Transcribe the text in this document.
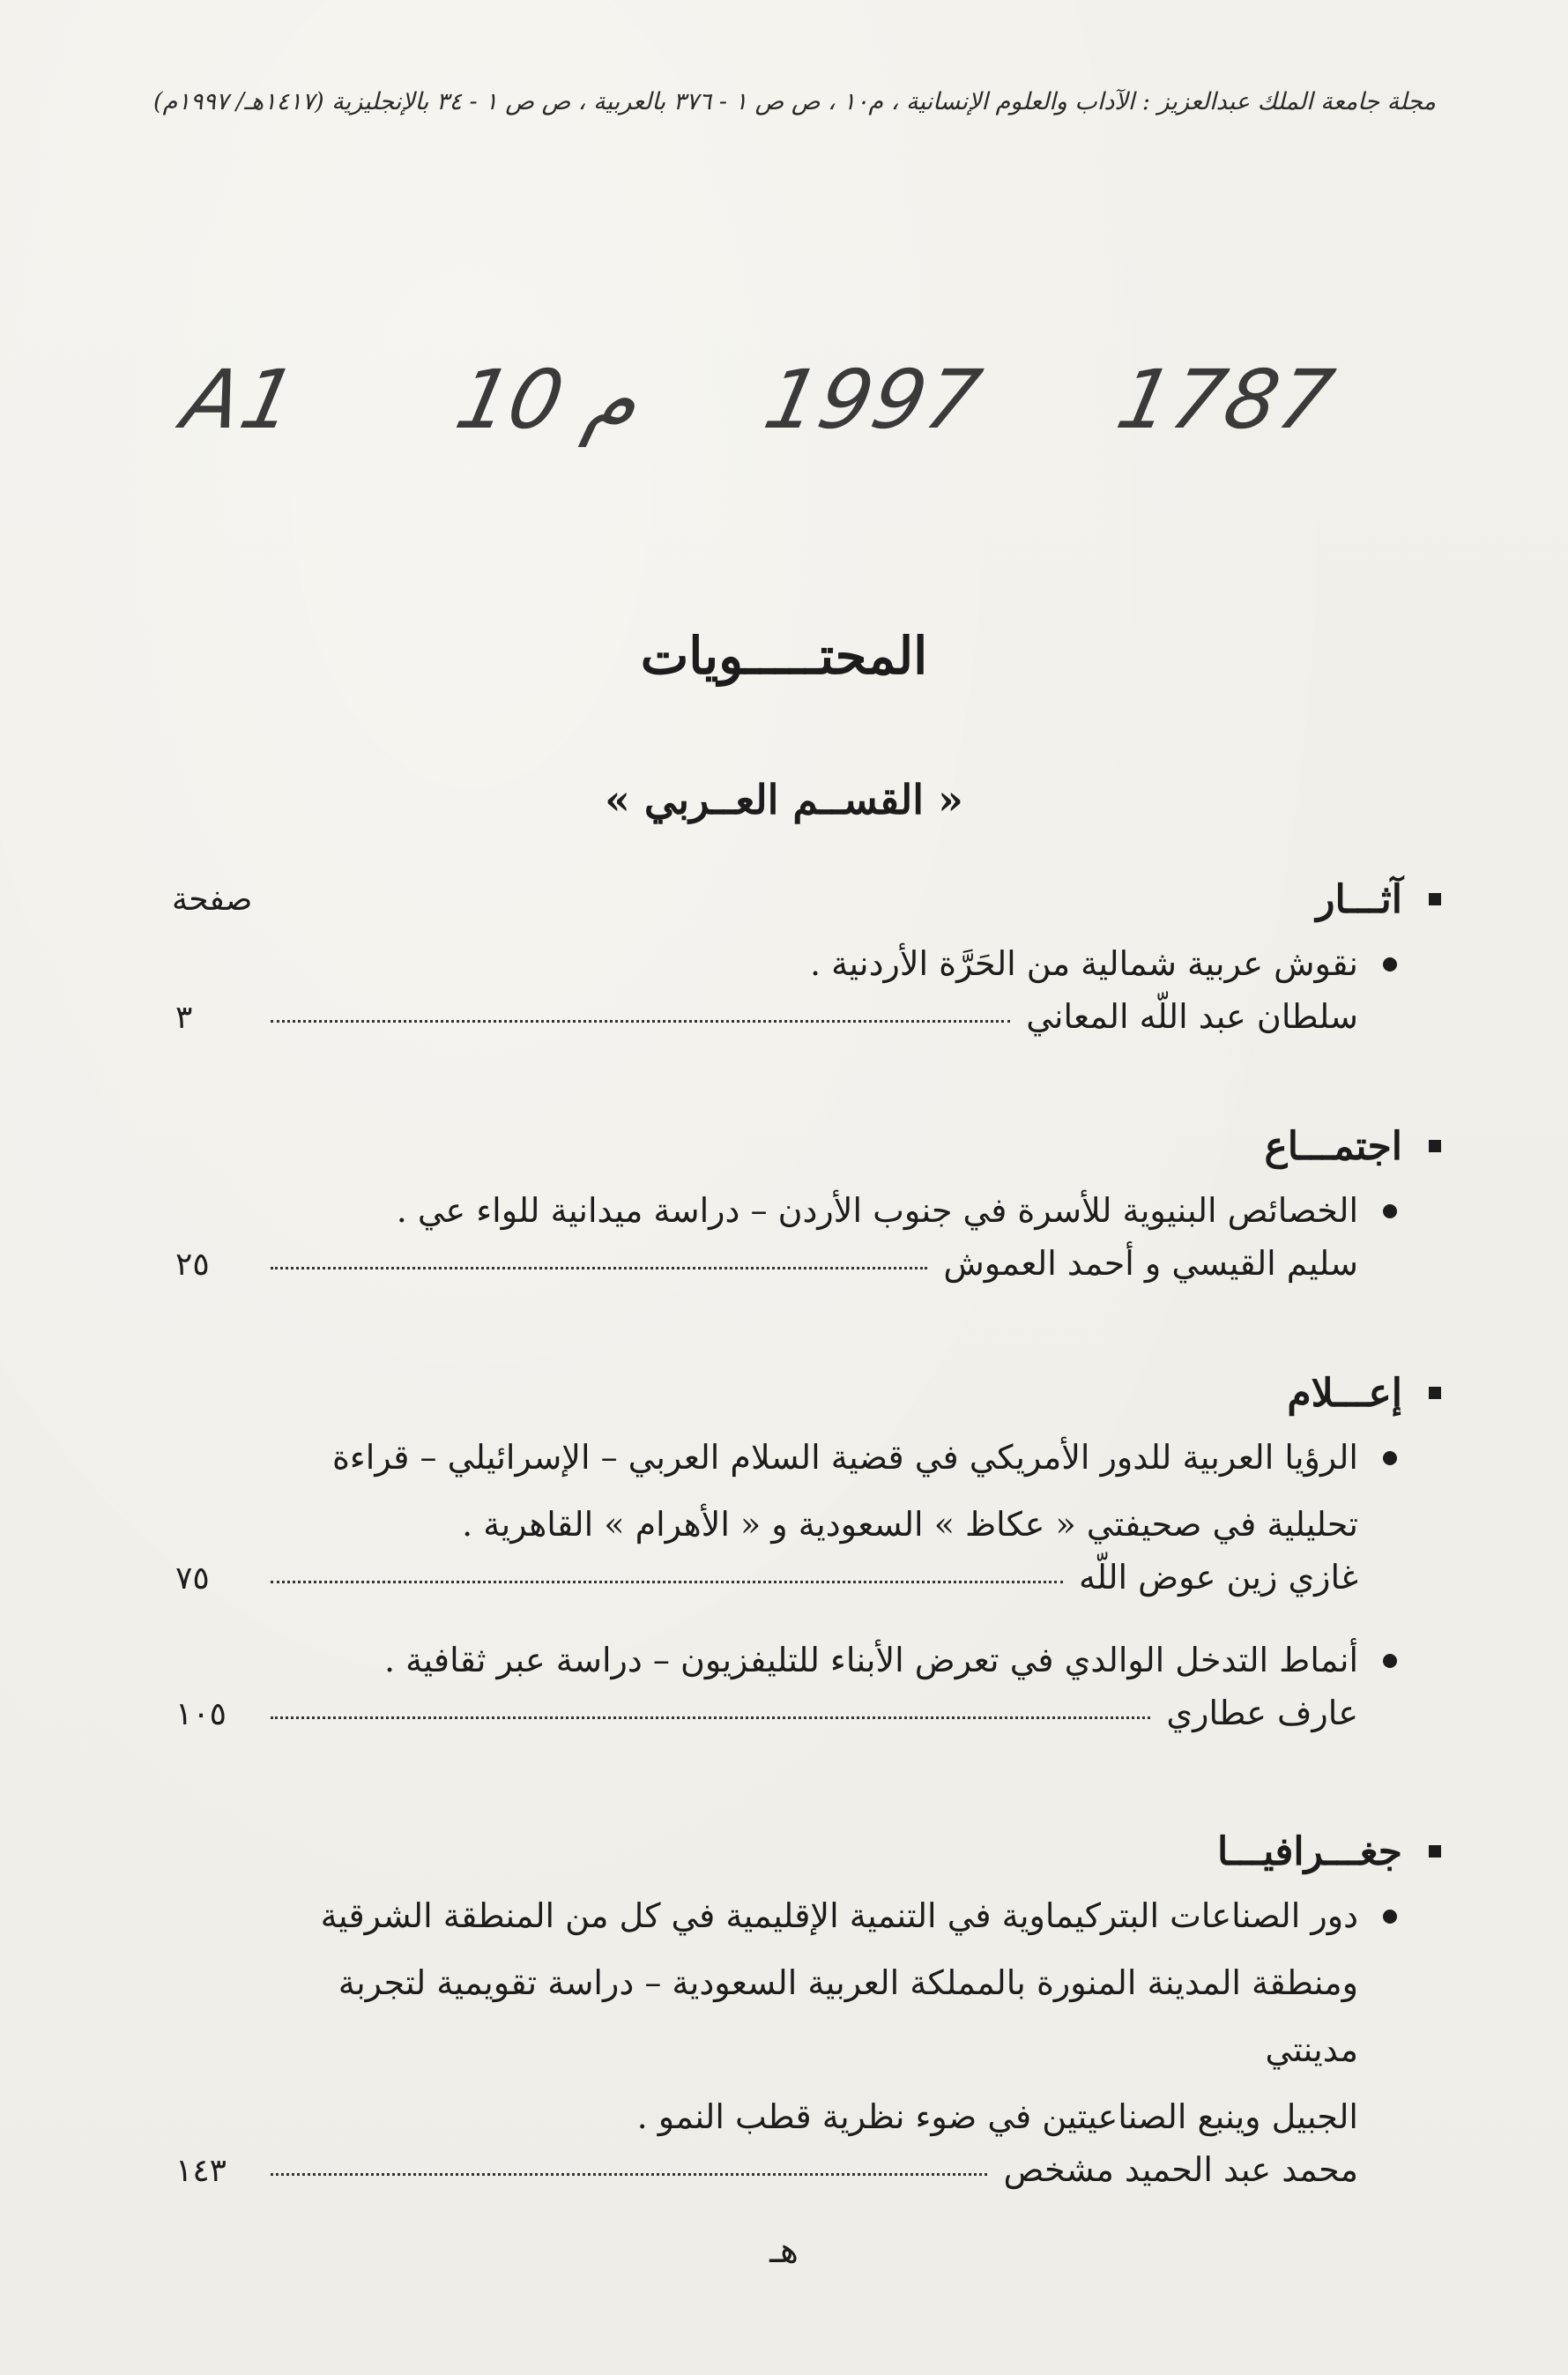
مجلة جامعة الملك عبدالعزيز : الآداب والعلوم الإنسانية ، م١٠ ، ص ص ١ - ٣٧٦ بالعربية ، ص ص ١ - ٣٤ بالإنجليزية (١٤١٧هـ/ ١٩٩٧م)
A1 10 م 1997 1787
المحتـــــويات
« القســم العــربي »
صفحة	آثـــار
نقوش عربية شمالية من الحَرَّة الأردنية .
سلطان عبد اللّه المعاني
٣
اجتمـــاع
الخصائص البنيوية للأسرة في جنوب الأردن – دراسة ميدانية للواء عي .
سليم القيسي و أحمد العموش
٢٥
إعـــلام
الرؤيا العربية للدور الأمريكي في قضية السلام العربي – الإسرائيلي – قراءة
تحليلية في صحيفتي « عكاظ » السعودية و « الأهرام » القاهرية .
غازي زين عوض اللّه
٧٥
أنماط التدخل الوالدي في تعرض الأبناء للتليفزيون – دراسة عبر ثقافية .
عارف عطاري
١٠٥
جغـــرافيـــا
دور الصناعات البتركيماوية في التنمية الإقليمية في كل من المنطقة الشرقية
ومنطقة المدينة المنورة بالمملكة العربية السعودية – دراسة تقويمية لتجربة مدينتي
الجبيل وينبع الصناعيتين في ضوء نظرية قطب النمو .
محمد عبد الحميد مشخص
١٤٣
هـ
